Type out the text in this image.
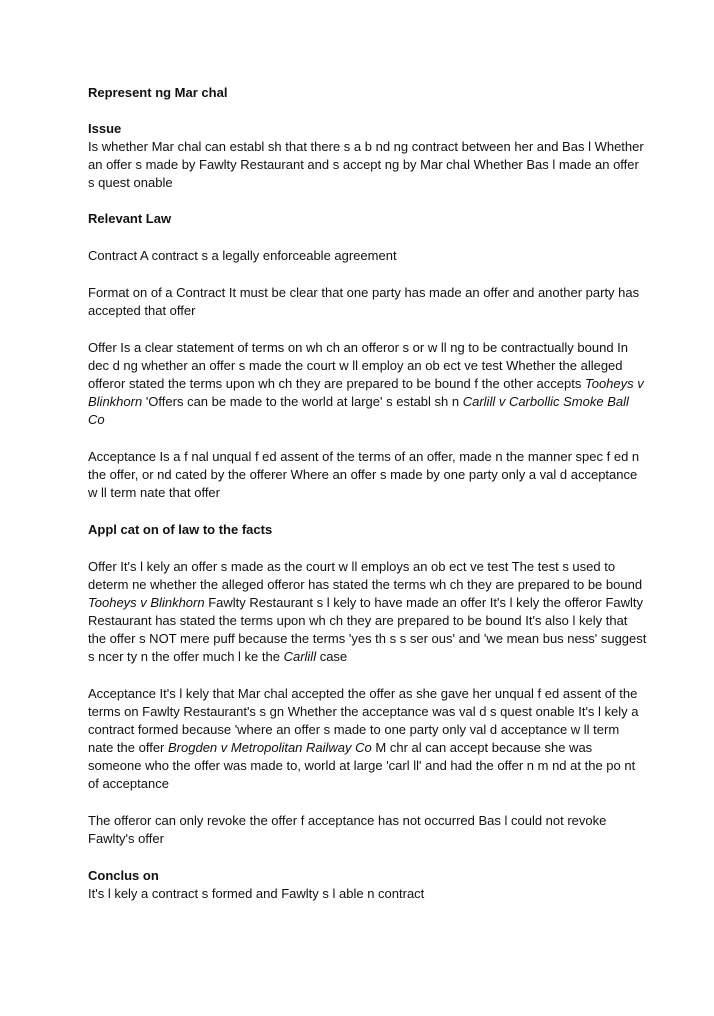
Represent ng Mar chal

Issue

Is whether Mar chal can establ sh that there s a b nd ng contract between her and Bas l Whether an offer s made by Fawlty Restaurant and s accept ng by Mar chal Whether Bas l made an offer s quest onable

Relevant Law

Contract A contract s a legally enforceable agreement

Format on of a Contract It must be clear that one party has made an offer and another party has accepted that offer

Offer Is a clear statement of terms on wh ch an offeror s or w ll ng to be contractually bound In dec d ng whether an offer s made the court w ll employ an ob ect ve test Whether the alleged offeror stated the terms upon wh ch they are prepared to be bound f the other accepts Tooheys v Blinkhorn 'Offers can be made to the world at large' s establ sh n Carlill v Carbollic Smoke Ball Co

Acceptance Is a f nal unqual f ed assent of the terms of an offer, made n the manner spec f ed n the offer, or nd cated by the offerer Where an offer s made by one party only a val d acceptance w ll term nate that offer

Appl cat on of law to the facts

Offer It's l kely an offer s made as the court w ll employs an ob ect ve test The test s used to determ ne whether the alleged offeror has stated the terms wh ch they are prepared to be bound Tooheys v Blinkhorn Fawlty Restaurant s l kely to have made an offer It's l kely the offeror Fawlty Restaurant has stated the terms upon wh ch they are prepared to be bound It's also l kely that the offer s NOT mere puff because the terms 'yes th s s ser ous' and 'we mean bus ness' suggest s ncer ty n the offer much l ke the Carlill case

Acceptance It's l kely that Mar chal accepted the offer as she gave her unqual f ed assent of the terms on Fawlty Restaurant's s gn Whether the acceptance was val d s quest onable It's l kely a contract formed because 'where an offer s made to one party only val d acceptance w ll term nate the offer Brogden v Metropolitan Railway Co M chr al can accept because she was someone who the offer was made to, world at large 'carl ll' and had the offer n m nd at the po nt of acceptance

The offeror can only revoke the offer f acceptance has not occurred Bas l could not revoke Fawlty's offer

Conclus on

It's l kely a contract s formed and Fawlty s l able n contract
